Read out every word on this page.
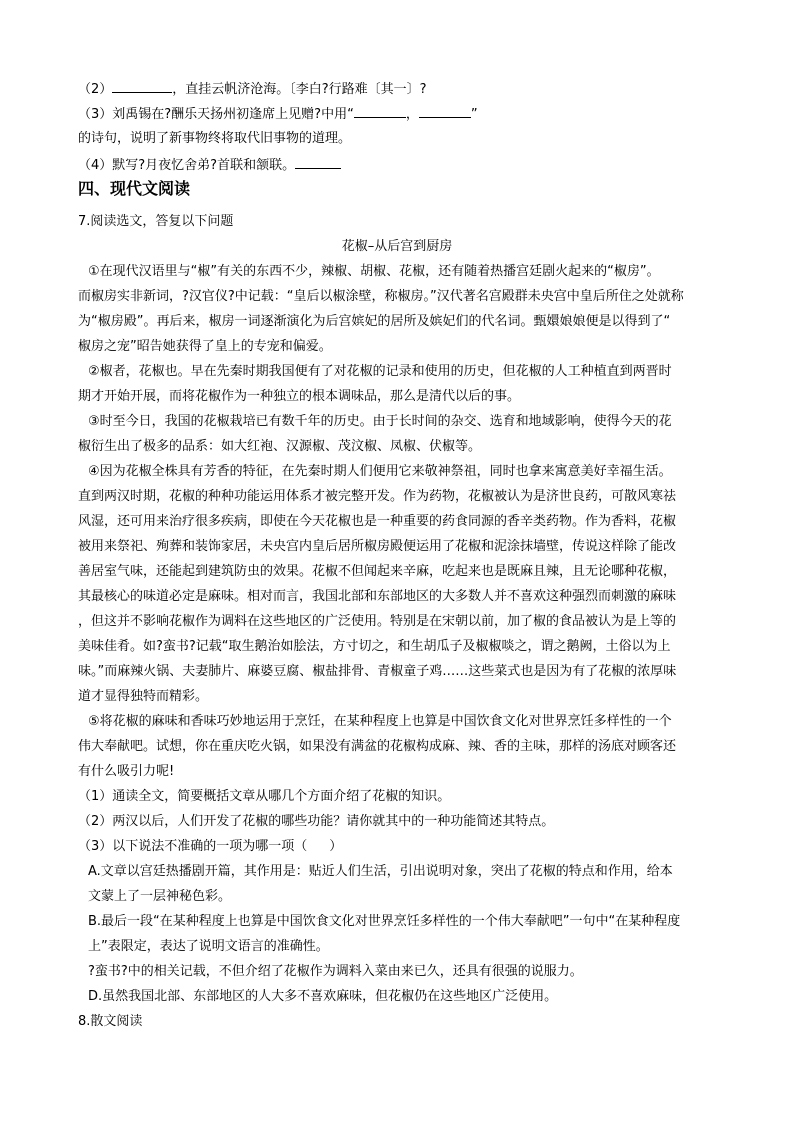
（2）	，直挂云帆济沧海。〔李白?行路难〔其一〕?
（3）刘禹锡在?酬乐天扬州初逢席上见赠?中用“	，	”
的诗句，说明了新事物终将取代旧事物的道理。
（4）默写?月夜忆舍弟?首联和颔联。
四、现代文阅读
7.阅读选文，答复以下问题
花椒–从后宫到厨房
①在现代汉语里与“椒”有关的东西不少，辣椒、胡椒、花椒，还有随着热播宫廷剧火起来的“椒房”。
而椒房实非新词，?汉官仪?中记载：“皇后以椒涂壁，称椒房。”汉代著名宫殿群未央宫中皇后所住之处就称
为“椒房殿”。再后来，椒房一词逐渐演化为后宫嫔妃的居所及嫔妃们的代名词。甄嬛娘娘便是以得到了“
椒房之宠”昭告她获得了皇上的专宠和偏爱。
②椒者，花椒也。早在先秦时期我国便有了对花椒的记录和使用的历史，但花椒的人工种植直到两晋时
期才开始开展，而将花椒作为一种独立的根本调味品，那么是清代以后的事。
③时至今日，我国的花椒栽培已有数千年的历史。由于长时间的杂交、选育和地域影响，使得今天的花
椒衍生出了极多的品系：如大红袍、汉源椒、茂汶椒、凤椒、伏椒等。
④因为花椒全株具有芳香的特征，在先秦时期人们便用它来敬神祭祖，同时也拿来寓意美好幸福生活。
直到两汉时期，花椒的种种功能运用体系才被完整开发。作为药物，花椒被认为是济世良药，可散风寒祛
风湿，还可用来治疗很多疾病，即使在今天花椒也是一种重要的药食同源的香辛类药物。作为香料，花椒
被用来祭祀、殉葬和装饰家居，未央宫内皇后居所椒房殿便运用了花椒和泥涂抹墙壁，传说这样除了能改
善居室气味，还能起到建筑防虫的效果。花椒不但闻起来辛麻，吃起来也是既麻且辣，且无论哪种花椒，
其最核心的味道必定是麻味。相对而言，我国北部和东部地区的大多数人并不喜欢这种强烈而刺激的麻味
，但这并不影响花椒作为调料在这些地区的广泛使用。特别是在宋朝以前，加了椒的食品被认为是上等的
美味佳肴。如?蛮书?记载“取生鹅治如脍法，方寸切之，和生胡瓜子及椒椒啖之，谓之鹅阙，土俗以为上
味。”而麻辣火锅、夫妻肺片、麻婆豆腐、椒盐排骨、青椒童子鸡……这些菜式也是因为有了花椒的浓厚味
道才显得独特而精彩。
⑤将花椒的麻味和香味巧妙地运用于烹饪，在某种程度上也算是中国饮食文化对世界烹饪多样性的一个
伟大奉献吧。试想，你在重庆吃火锅，如果没有满盆的花椒构成麻、辣、香的主味，那样的汤底对顾客还
有什么吸引力呢!
（1）通读全文，简要概括文章从哪几个方面介绍了花椒的知识。
（2）两汉以后，人们开发了花椒的哪些功能？请你就其中的一种功能简述其特点。
（3）以下说法不准确的一项为哪一项（ ）
A.文章以宫廷热播剧开篇，其作用是：贴近人们生活，引出说明对象，突出了花椒的特点和作用，给本
文蒙上了一层神秘色彩。
B.最后一段“在某种程度上也算是中国饮食文化对世界烹饪多样性的一个伟大奉献吧”一句中“在某种程度
上”表限定，表达了说明文语言的准确性。
?蛮书?中的相关记载，不但介绍了花椒作为调料入菜由来已久，还具有很强的说服力。
D.虽然我国北部、东部地区的人大多不喜欢麻味，但花椒仍在这些地区广泛使用。
8.散文阅读
